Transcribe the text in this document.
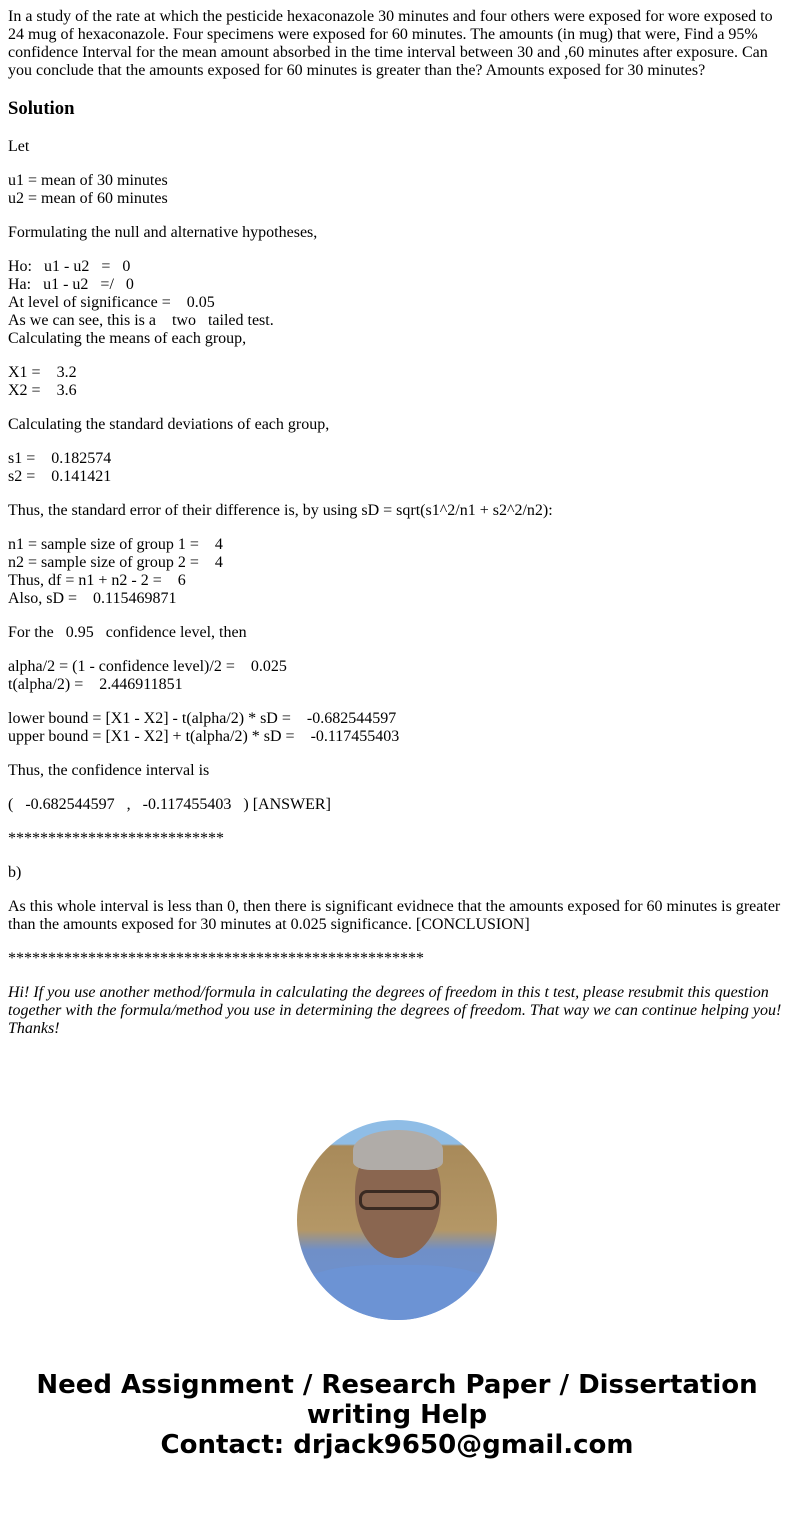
In a study of the rate at which the pesticide hexaconazole 30 minutes and four others were exposed for wore exposed to 24 mug of hexaconazole. Four specimens were exposed for 60 minutes. The amounts (in mug) that were, Find a 95% confidence Interval for the mean amount absorbed in the time interval between 30 and ,60 minutes after exposure. Can you conclude that the amounts exposed for 60 minutes is greater than the? Amounts exposed for 30 minutes?

Solution

Let

u1 = mean of 30 minutes
u2 = mean of 60 minutes

Formulating the null and alternative hypotheses,

Ho:   u1 - u2   =   0
Ha:   u1 - u2   =/   0
At level of significance =    0.05
As we can see, this is a    two   tailed test.
Calculating the means of each group,

X1 =    3.2
X2 =    3.6

Calculating the standard deviations of each group,

s1 =    0.182574
s2 =    0.141421

Thus, the standard error of their difference is, by using sD = sqrt(s1^2/n1 + s2^2/n2):

n1 = sample size of group 1 =    4
n2 = sample size of group 2 =    4
Thus, df = n1 + n2 - 2 =    6
Also, sD =    0.115469871

For the   0.95   confidence level, then

alpha/2 = (1 - confidence level)/2 =    0.025
t(alpha/2) =    2.446911851

lower bound = [X1 - X2] - t(alpha/2) * sD =    -0.682544597
upper bound = [X1 - X2] + t(alpha/2) * sD =    -0.117455403

Thus, the confidence interval is

(   -0.682544597   ,   -0.117455403   ) [ANSWER]

***************************

b)

As this whole interval is less than 0, then there is significant evidnece that the amounts exposed for 60 minutes is greater than the amounts exposed for 30 minutes at 0.025 significance. [CONCLUSION]

****************************************************

Hi! If you use another method/formula in calculating the degrees of freedom in this t test, please resubmit this question together with the formula/method you use in determining the degrees of freedom. That way we can continue helping you! Thanks!

Need Assignment / Research Paper / Dissertation writing Help
Contact: drjack9650@gmail.com
